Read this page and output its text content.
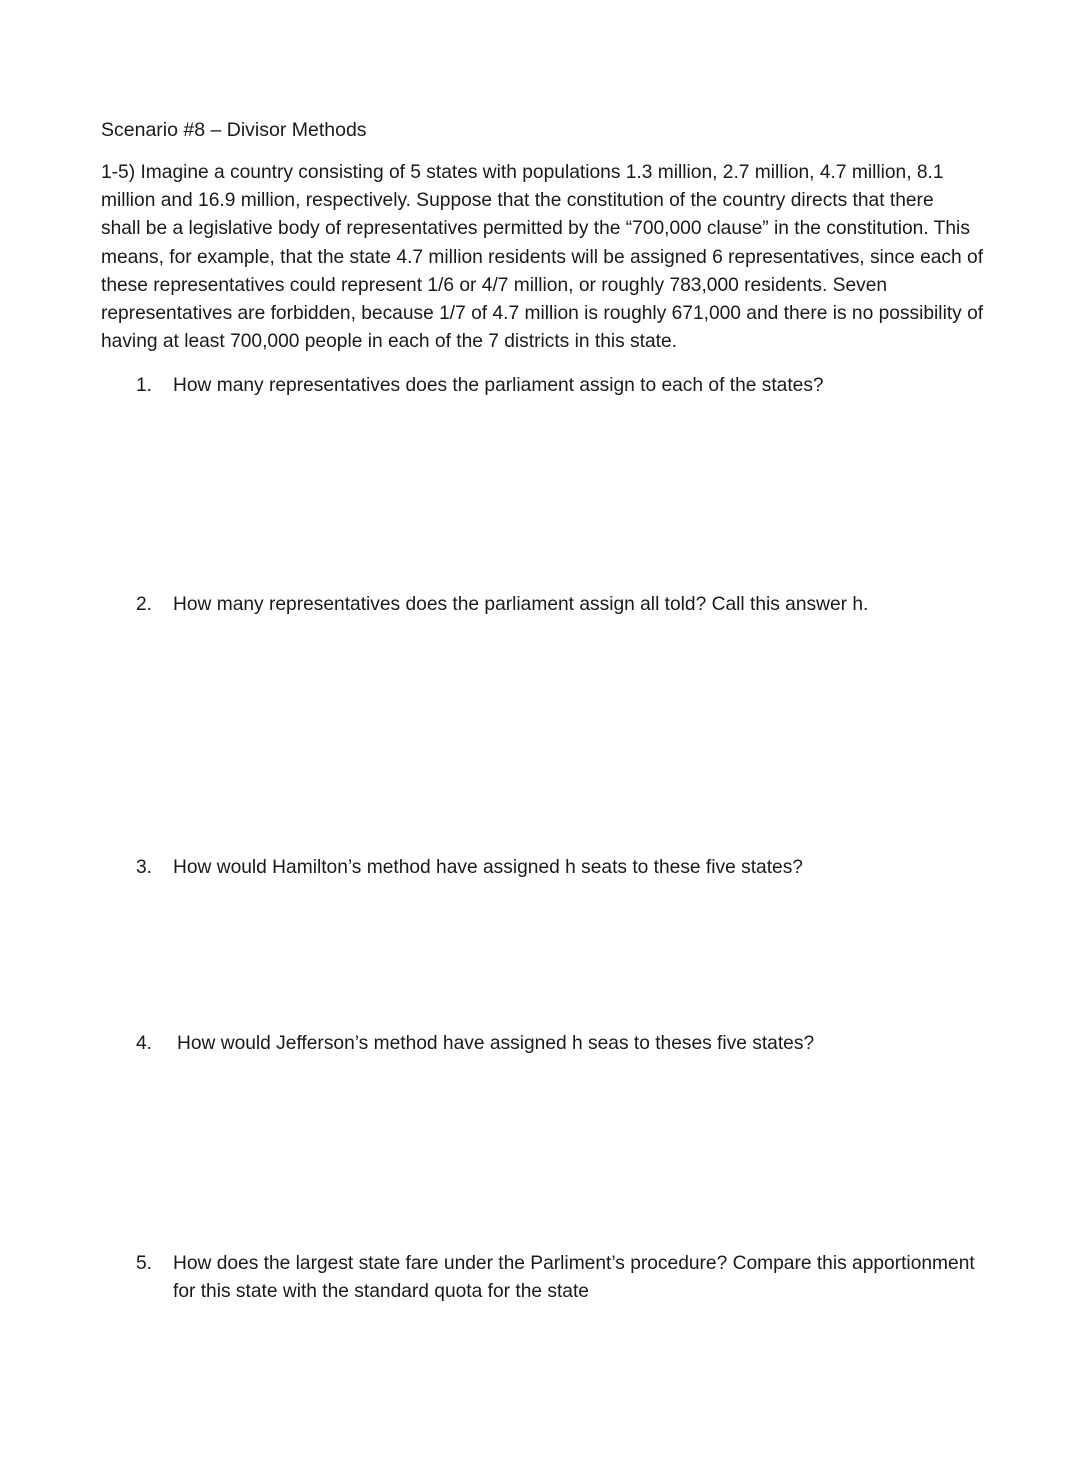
Scenario #8 – Divisor Methods
1-5) Imagine a country consisting of 5 states with populations 1.3 million, 2.7 million, 4.7 million, 8.1
million and 16.9 million, respectively. Suppose that the constitution of the country directs that there
shall be a legislative body of representatives permitted by the “700,000 clause” in the constitution. This
means, for example, that the state 4.7 million residents will be assigned 6 representatives, since each of
these representatives could represent 1/6 or 4/7 million, or roughly 783,000 residents. Seven
representatives are forbidden, because 1/7 of 4.7 million is roughly 671,000 and there is no possibility of
having at least 700,000 people in each of the 7 districts in this state.
1. How many representatives does the parliament assign to each of the states?
2. How many representatives does the parliament assign all told? Call this answer h.
3. How would Hamilton’s method have assigned h seats to these five states?
4. How would Jefferson’s method have assigned h seas to theses five states?
5. How does the largest state fare under the Parliment’s procedure? Compare this apportionment
for this state with the standard quota for the state
